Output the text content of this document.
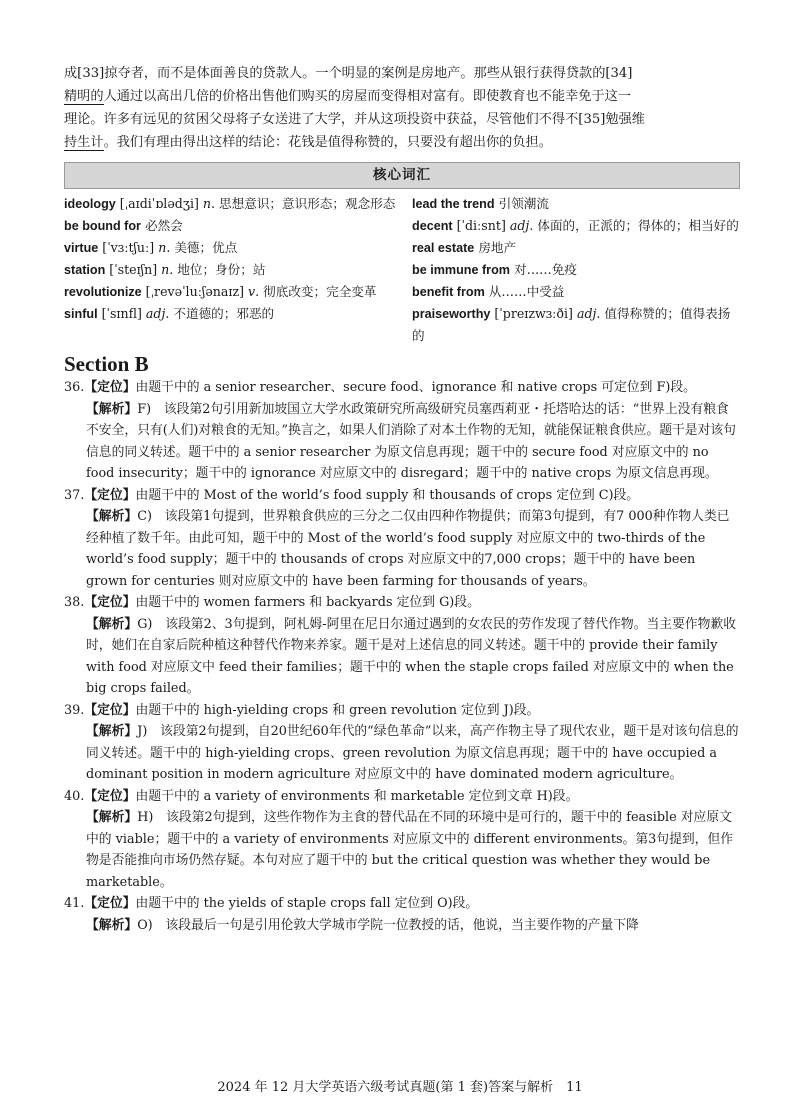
成[33]掠夺者，而不是体面善良的贷款人。一个明显的案例是房地产。那些从银行获得贷款的[34]
精明的人通过以高出几倍的价格出售他们购买的房屋而变得相对富有。即使教育也不能幸免于这一
理论。许多有远见的贫困父母将子女送进了大学，并从这项投资中获益，尽管他们不得不[35]勉强维
持生计。我们有理由得出这样的结论：花钱是值得称赞的，只要没有超出你的负担。
核心词汇
ideology [ˌaɪdiˈɒlədʒi] n. 思想意识；意识形态；观念形态
be bound for 必然会
virtue [ˈvɜːtʃuː] n. 美德；优点
station [ˈsteɪʃn] n. 地位；身份；站
revolutionize [ˌrevəˈluːʃənaɪz] v. 彻底改变；完全变革
sinful [ˈsɪnfl] adj. 不道德的；邪恶的
lead the trend 引领潮流
decent [ˈdiːsnt] adj. 体面的，正派的；得体的；相当好的
real estate 房地产
be immune from 对……免疫
benefit from 从……中受益
praiseworthy [ˈpreɪzwɜːði] adj. 值得称赞的；值得表扬的
Section B
36.【定位】由题干中的 a senior researcher、secure food、ignorance 和 native crops 可定位到 F)段。
【解析】F)　该段第2句引用新加坡国立大学水政策研究所高级研究员塞西莉亚・托塔哈达的话：“世界上没有粮食不安全，只有(人们)对粮食的无知。”换言之，如果人们消除了对本土作物的无知，就能保证粮食供应。题干是对该句信息的同义转述。题干中的 a senior researcher 为原文信息再现；题干中的 secure food 对应原文中的 no food insecurity；题干中的 ignorance 对应原文中的 disregard；题干中的 native crops 为原文信息再现。
37.【定位】由题干中的 Most of the world’s food supply 和 thousands of crops 定位到 C)段。
【解析】C)　该段第1句提到，世界粮食供应的三分之二仅由四种作物提供；而第3句提到，有7 000种作物人类已经种植了数千年。由此可知，题干中的 Most of the world’s food supply 对应原文中的 two-thirds of the world’s food supply；题干中的 thousands of crops 对应原文中的7,000 crops；题干中的 have been grown for centuries 则对应原文中的 have been farming for thousands of years。
38.【定位】由题干中的 women farmers 和 backyards 定位到 G)段。
【解析】G)　该段第2、3句提到，阿札姆-阿里在尼日尔通过遇到的女农民的劳作发现了替代作物。当主要作物歉收时，她们在自家后院种植这种替代作物来养家。题干是对上述信息的同义转述。题干中的 provide their family with food 对应原文中 feed their families；题干中的 when the staple crops failed 对应原文中的 when the big crops failed。
39.【定位】由题干中的 high-yielding crops 和 green revolution 定位到 J)段。
【解析】J)　该段第2句提到，自20世纪60年代的“绿色革命”以来，高产作物主导了现代农业，题干是对该句信息的同义转述。题干中的 high-yielding crops、green revolution 为原文信息再现；题干中的 have occupied a dominant position in modern agriculture 对应原文中的 have dominated modern agriculture。
40.【定位】由题干中的 a variety of environments 和 marketable 定位到文章 H)段。
【解析】H)　该段第2句提到，这些作物作为主食的替代品在不同的环境中是可行的，题干中的 feasible 对应原文中的 viable；题干中的 a variety of environments 对应原文中的 different environments。第3句提到，但作物是否能推向市场仍然存疑。本句对应了题干中的 but the critical question was whether they would be marketable。
41.【定位】由题干中的 the yields of staple crops fall 定位到 O)段。
【解析】O)　该段最后一句是引用伦敦大学城市学院一位教授的话，他说，当主要作物的产量下降
2024 年 12 月大学英语六级考试真题(第 1 套)答案与解析　11
